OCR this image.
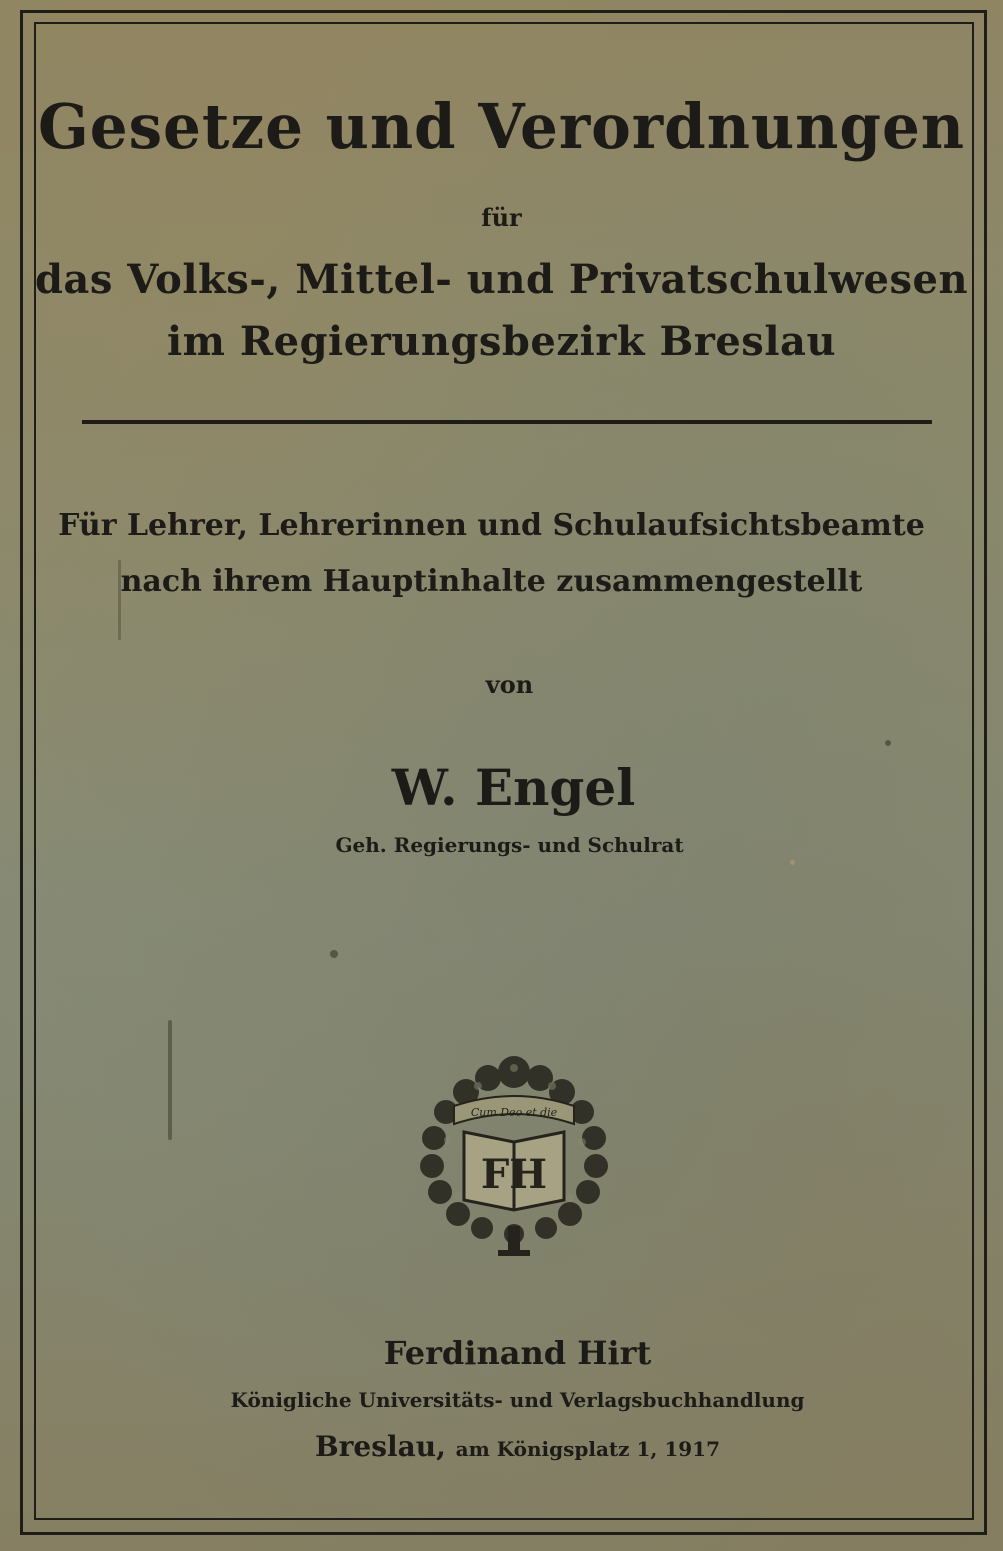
Gesetze und Verordnungen
für
das Volks-, Mittel- und Privatschulwesen
im Regierungsbezirk Breslau
Für Lehrer, Lehrerinnen und Schulaufsichtsbeamte
nach ihrem Hauptinhalte zusammengestellt
von
W. Engel
Geh. Regierungs- und Schulrat
Cum Deo et die
FH
Ferdinand Hirt
Königliche Universitäts- und Verlagsbuchhandlung
Breslau, am Königsplatz 1, 1917
